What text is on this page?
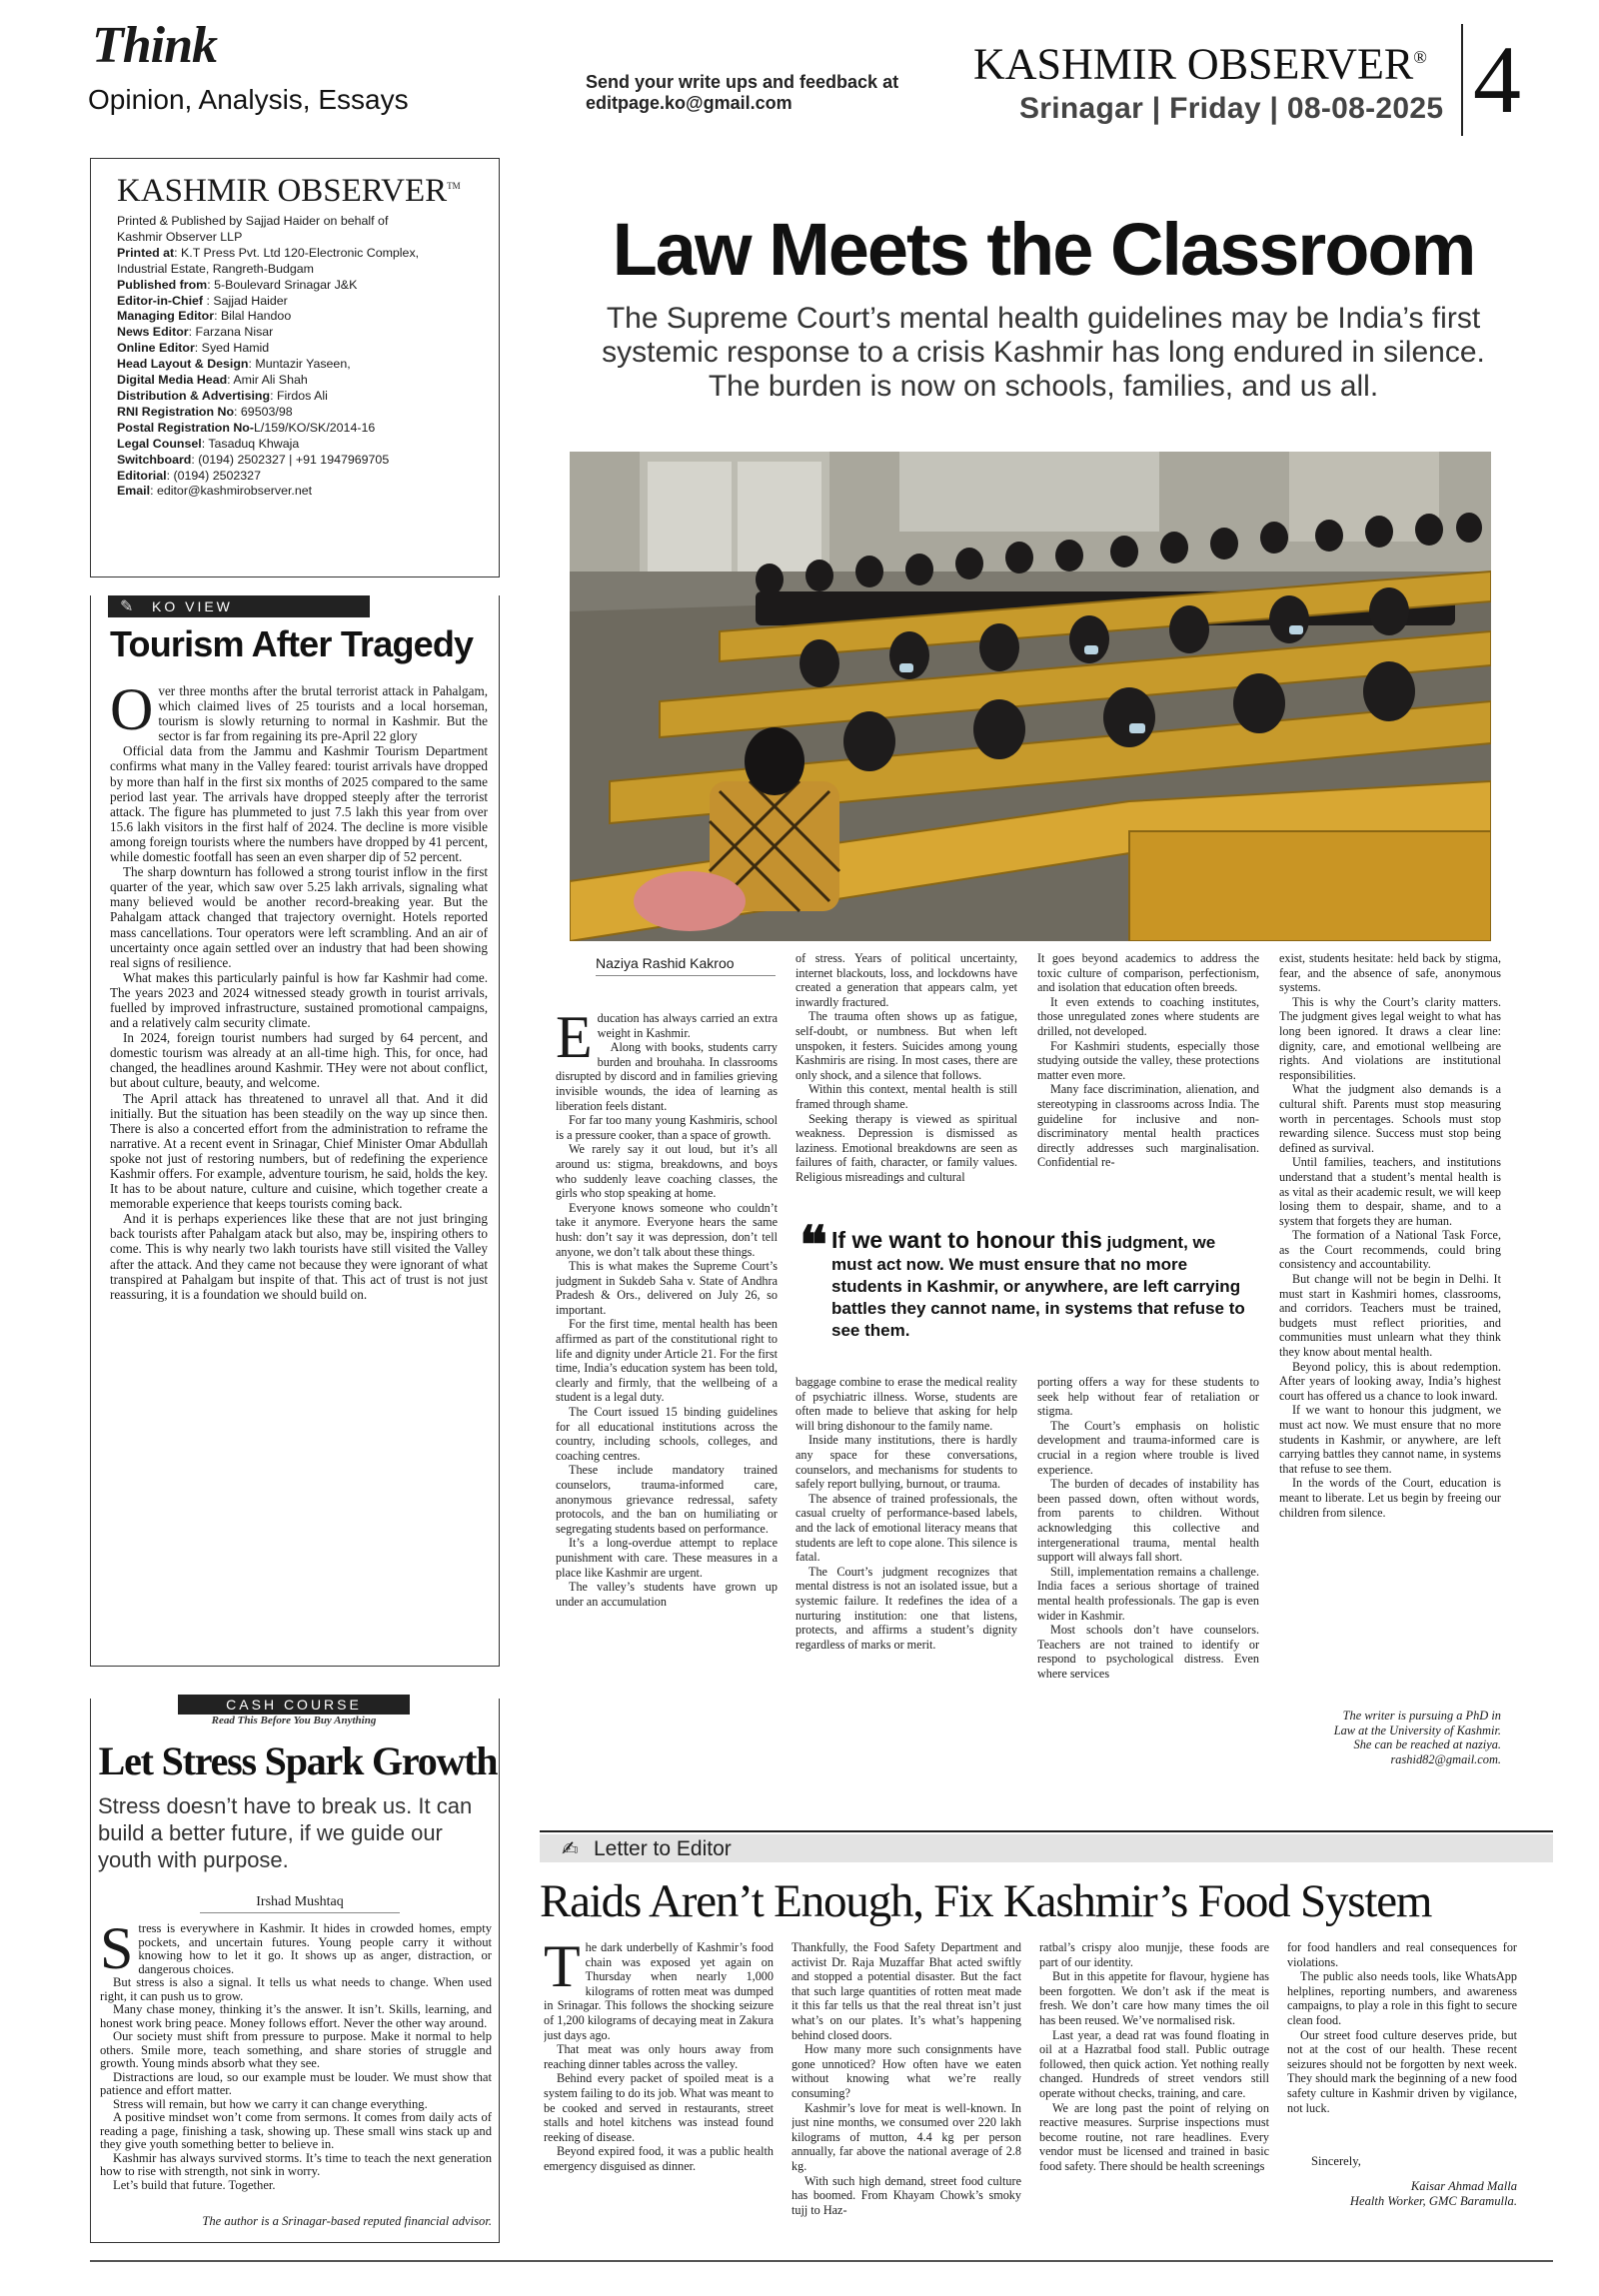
Think
Opinion, Analysis, Essays
Send your write ups and feedback at
editpage.ko@gmail.com
KASHMIR OBSERVER®
Srinagar | Friday | 08-08-2025 4
KASHMIR OBSERVER™
Printed & Published by Sajjad Haider on behalf of
Kashmir Observer LLP
Printed at: K.T Press Pvt. Ltd 120-Electronic Complex,
Industrial Estate, Rangreth-Budgam
Published from: 5-Boulevard Srinagar J&K
Editor-in-Chief : Sajjad Haider
Managing Editor: Bilal Handoo
News Editor: Farzana Nisar
Online Editor: Syed Hamid
Head Layout & Design: Muntazir Yaseen,
Digital Media Head: Amir Ali Shah
Distribution & Advertising: Firdos Ali
RNI Registration No: 69503/98
Postal Registration No-L/159/KO/SK/2014-16
Legal Counsel: Tasaduq Khwaja
Switchboard: (0194) 2502327 | +91 1947969705
Editorial: (0194) 2502327
Email: editor@kashmirobserver.net
✎ KO VIEW
Tourism After Tragedy

Over three months after the brutal terrorist attack in Pahalgam, which claimed lives of 25 tourists and a local horseman, tourism is slowly returning to normal in Kashmir. But the sector is far from regaining its pre-April 22 glory

Official data from the Jammu and Kashmir Tourism Department confirms what many in the Valley feared: tourist arrivals have dropped by more than half in the first six months of 2025 compared to the same period last year. The arrivals have dropped steeply after the terrorist attack. The figure has plummeted to just 7.5 lakh this year from over 15.6 lakh visitors in the first half of 2024. The decline is more visible among foreign tourists where the numbers have dropped by 41 percent, while domestic footfall has seen an even sharper dip of 52 percent.

The sharp downturn has followed a strong tourist inflow in the first quarter of the year, which saw over 5.25 lakh arrivals, signaling what many believed would be another record-breaking year. But the Pahalgam attack changed that trajectory overnight. Hotels reported mass cancellations. Tour operators were left scrambling. And an air of uncertainty once again settled over an industry that had been showing real signs of resilience.

What makes this particularly painful is how far Kashmir had come. The years 2023 and 2024 witnessed steady growth in tourist arrivals, fuelled by improved infrastructure, sustained promotional campaigns, and a relatively calm security climate.

In 2024, foreign tourist numbers had surged by 64 percent, and domestic tourism was already at an all-time high. This, for once, had changed, the headlines around Kashmir. THey were not about conflict, but about culture, beauty, and welcome.

The April attack has threatened to unravel all that. And it did initially. But the situation has been steadily on the way up since then. There is also a concerted effort from the administration to reframe the narrative. At a recent event in Srinagar, Chief Minister Omar Abdullah spoke not just of restoring numbers, but of redefining the experience Kashmir offers. For example, adventure tourism, he said, holds the key. It has to be about nature, culture and cuisine, which together create a memorable experience that keeps tourists coming back.

And it is perhaps experiences like these that are not just bringing back tourists after Pahalgam atack but also, may be, inspiring others to come. This is why nearly two lakh tourists have still visited the Valley after the attack. And they came not because they were ignorant of what transpired at Pahalgam but inspite of that. This act of trust is not just reassuring, it is a foundation we should build on.

CASH COURSE
Read This Before You Buy Anything
Let Stress Spark Growth
Stress doesn’t have to break us. It can build a better future, if we guide our youth with purpose.
Irshad Mushtaq

Stress is everywhere in Kashmir. It hides in crowded homes, empty pockets, and uncertain futures. Young people carry it without knowing how to let it go. It shows up as anger, distraction, or dangerous choices.

But stress is also a signal. It tells us what needs to change. When used right, it can push us to grow.

Many chase money, thinking it’s the answer. It isn’t. Skills, learning, and honest work bring peace. Money follows effort. Never the other way around.

Our society must shift from pressure to purpose. Make it normal to help others. Smile more, teach something, and share stories of struggle and growth. Young minds absorb what they see.

Distractions are loud, so our example must be louder. We must show that patience and effort matter.

Stress will remain, but how we carry it can change everything.

A positive mindset won’t come from sermons. It comes from daily acts of reading a page, finishing a task, showing up. These small wins stack up and they give youth something better to believe in.

Kashmir has always survived storms. It’s time to teach the next generation how to rise with strength, not sink in worry.

Let’s build that future. Together.

The author is a Srinagar-based reputed financial advisor.
Law Meets the Classroom
The Supreme Court’s mental health guidelines may be India’s first systemic response to a crisis Kashmir has long endured in silence. The burden is now on schools, families, and us all.
Naziya Rashid Kakroo

Education has always carried an extra weight in Kashmir.

Along with books, students carry burden and brouhaha. In classrooms disrupted by discord and in families grieving invisible wounds, the idea of learning as liberation feels distant.

For far too many young Kashmiris, school is a pressure cooker, than a space of growth.

We rarely say it out loud, but it’s all around us: stigma, breakdowns, and boys who suddenly leave coaching classes, the girls who stop speaking at home.

Everyone knows someone who couldn’t take it anymore. Everyone hears the same hush: don’t say it was depression, don’t tell anyone, we don’t talk about these things.

This is what makes the Supreme Court’s judgment in Sukdeb Saha v. State of Andhra Pradesh & Ors., delivered on July 26, so important.

For the first time, mental health has been affirmed as part of the constitutional right to life and dignity under Article 21. For the first time, India’s education system has been told, clearly and firmly, that the wellbeing of a student is a legal duty.

The Court issued 15 binding guidelines for all educational institutions across the country, including schools, colleges, and coaching centres.

These include mandatory trained counselors, trauma-informed care, anonymous grievance redressal, safety protocols, and the ban on humiliating or segregating students based on performance.

It’s a long-overdue attempt to replace punishment with care. These measures in a place like Kashmir are urgent.

The valley’s students have grown up under an accumulation

of stress. Years of political uncertainty, internet blackouts, loss, and lockdowns have created a generation that appears calm, yet inwardly fractured.

The trauma often shows up as fatigue, self-doubt, or numbness. But when left unspoken, it festers. Suicides among young Kashmiris are rising. In most cases, there are only shock, and a silence that follows.

Within this context, mental health is still framed through shame.

Seeking therapy is viewed as spiritual weakness. Depression is dismissed as laziness. Emotional breakdowns are seen as failures of faith, character, or family values. Religious misreadings and cultural

It goes beyond academics to address the toxic culture of comparison, perfectionism, and isolation that education often breeds.

It even extends to coaching institutes, those unregulated zones where students are drilled, not developed.

For Kashmiri students, especially those studying outside the valley, these protections matter even more.

Many face discrimination, alienation, and stereotyping in classrooms across India. The guideline for inclusive and non-discriminatory mental health practices directly addresses such marginalisation. Confidential re-

❝ If we want to honour this judgment, we must act now. We must ensure that no more students in Kashmir, or anywhere, are left carrying battles they cannot name, in systems that refuse to see them.

baggage combine to erase the medical reality of psychiatric illness. Worse, students are often made to believe that asking for help will bring dishonour to the family name.

Inside many institutions, there is hardly any space for these conversations, counselors, and mechanisms for students to safely report bullying, burnout, or trauma.

The absence of trained professionals, the casual cruelty of performance-based labels, and the lack of emotional literacy means that students are left to cope alone. This silence is fatal.

The Court’s judgment recognizes that mental distress is not an isolated issue, but a systemic failure. It redefines the idea of a nurturing institution: one that listens, protects, and affirms a student’s dignity regardless of marks or merit.

porting offers a way for these students to seek help without fear of retaliation or stigma.

The Court’s emphasis on holistic development and trauma-informed care is crucial in a region where trouble is lived experience.

The burden of decades of instability has been passed down, often without words, from parents to children. Without acknowledging this collective and intergenerational trauma, mental health support will always fall short.

Still, implementation remains a challenge. India faces a serious shortage of trained mental health professionals. The gap is even wider in Kashmir.

Most schools don’t have counselors. Teachers are not trained to identify or respond to psychological distress. Even where services

exist, students hesitate: held back by stigma, fear, and the absence of safe, anonymous systems.

This is why the Court’s clarity matters. The judgment gives legal weight to what has long been ignored. It draws a clear line: dignity, care, and emotional wellbeing are rights. And violations are institutional responsibilities.

What the judgment also demands is a cultural shift. Parents must stop measuring worth in percentages. Schools must stop rewarding silence. Success must stop being defined as survival.

Until families, teachers, and institutions understand that a student’s mental health is as vital as their academic result, we will keep losing them to despair, shame, and to a system that forgets they are human.

The formation of a National Task Force, as the Court recommends, could bring consistency and accountability.

But change will not be begin in Delhi. It must start in Kashmiri homes, classrooms, and corridors. Teachers must be trained, budgets must reflect priorities, and communities must unlearn what they think they know about mental health.

Beyond policy, this is about redemption. After years of looking away, India’s highest court has offered us a chance to look inward.

If we want to honour this judgment, we must act now. We must ensure that no more students in Kashmir, or anywhere, are left carrying battles they cannot name, in systems that refuse to see them.

In the words of the Court, education is meant to liberate. Let us begin by freeing our children from silence.

The writer is pursuing a PhD in
Law at the University of Kashmir.
She can be reached at naziya.
rashid82@gmail.com.
✍ Letter to Editor
Raids Aren’t Enough, Fix Kashmir’s Food System

The dark underbelly of Kashmir’s food chain was exposed yet again on Thursday when nearly 1,000 kilograms of rotten meat was dumped in Srinagar. This follows the shocking seizure of 1,200 kilograms of decaying meat in Zakura just days ago.

That meat was only hours away from reaching dinner tables across the valley.

Behind every packet of spoiled meat is a system failing to do its job. What was meant to be cooked and served in restaurants, street stalls and hotel kitchens was instead found reeking of disease.

Beyond expired food, it was a public health emergency disguised as dinner.

Thankfully, the Food Safety Department and activist Dr. Raja Muzaffar Bhat acted swiftly and stopped a potential disaster. But the fact that such large quantities of rotten meat made it this far tells us that the real threat isn’t just what’s on our plates. It’s what’s happening behind closed doors.

How many more such consignments have gone unnoticed? How often have we eaten without knowing what we’re really consuming?

Kashmir’s love for meat is well-known. In just nine months, we consumed over 220 lakh kilograms of mutton, 4.4 kg per person annually, far above the national average of 2.8 kg.

With such high demand, street food culture has boomed. From Khayam Chowk’s smoky tujj to Haz-

ratbal’s crispy aloo munjje, these foods are part of our identity.

But in this appetite for flavour, hygiene has been forgotten. We don’t ask if the meat is fresh. We don’t care how many times the oil has been reused. We’ve normalised risk.

Last year, a dead rat was found floating in oil at a Hazratbal food stall. Public outrage followed, then quick action. Yet nothing really changed. Hundreds of street vendors still operate without checks, training, and care.

We are long past the point of relying on reactive measures. Surprise inspections must become routine, not rare headlines. Every vendor must be licensed and trained in basic food safety. There should be health screenings

for food handlers and real consequences for violations.

The public also needs tools, like WhatsApp helplines, reporting numbers, and awareness campaigns, to play a role in this fight to secure clean food.

Our street food culture deserves pride, but not at the cost of our health. These recent seizures should not be forgotten by next week. They should mark the beginning of a new food safety culture in Kashmir driven by vigilance, not luck.

Sincerely,
Kaisar Ahmad Malla
Health Worker, GMC Baramulla.
